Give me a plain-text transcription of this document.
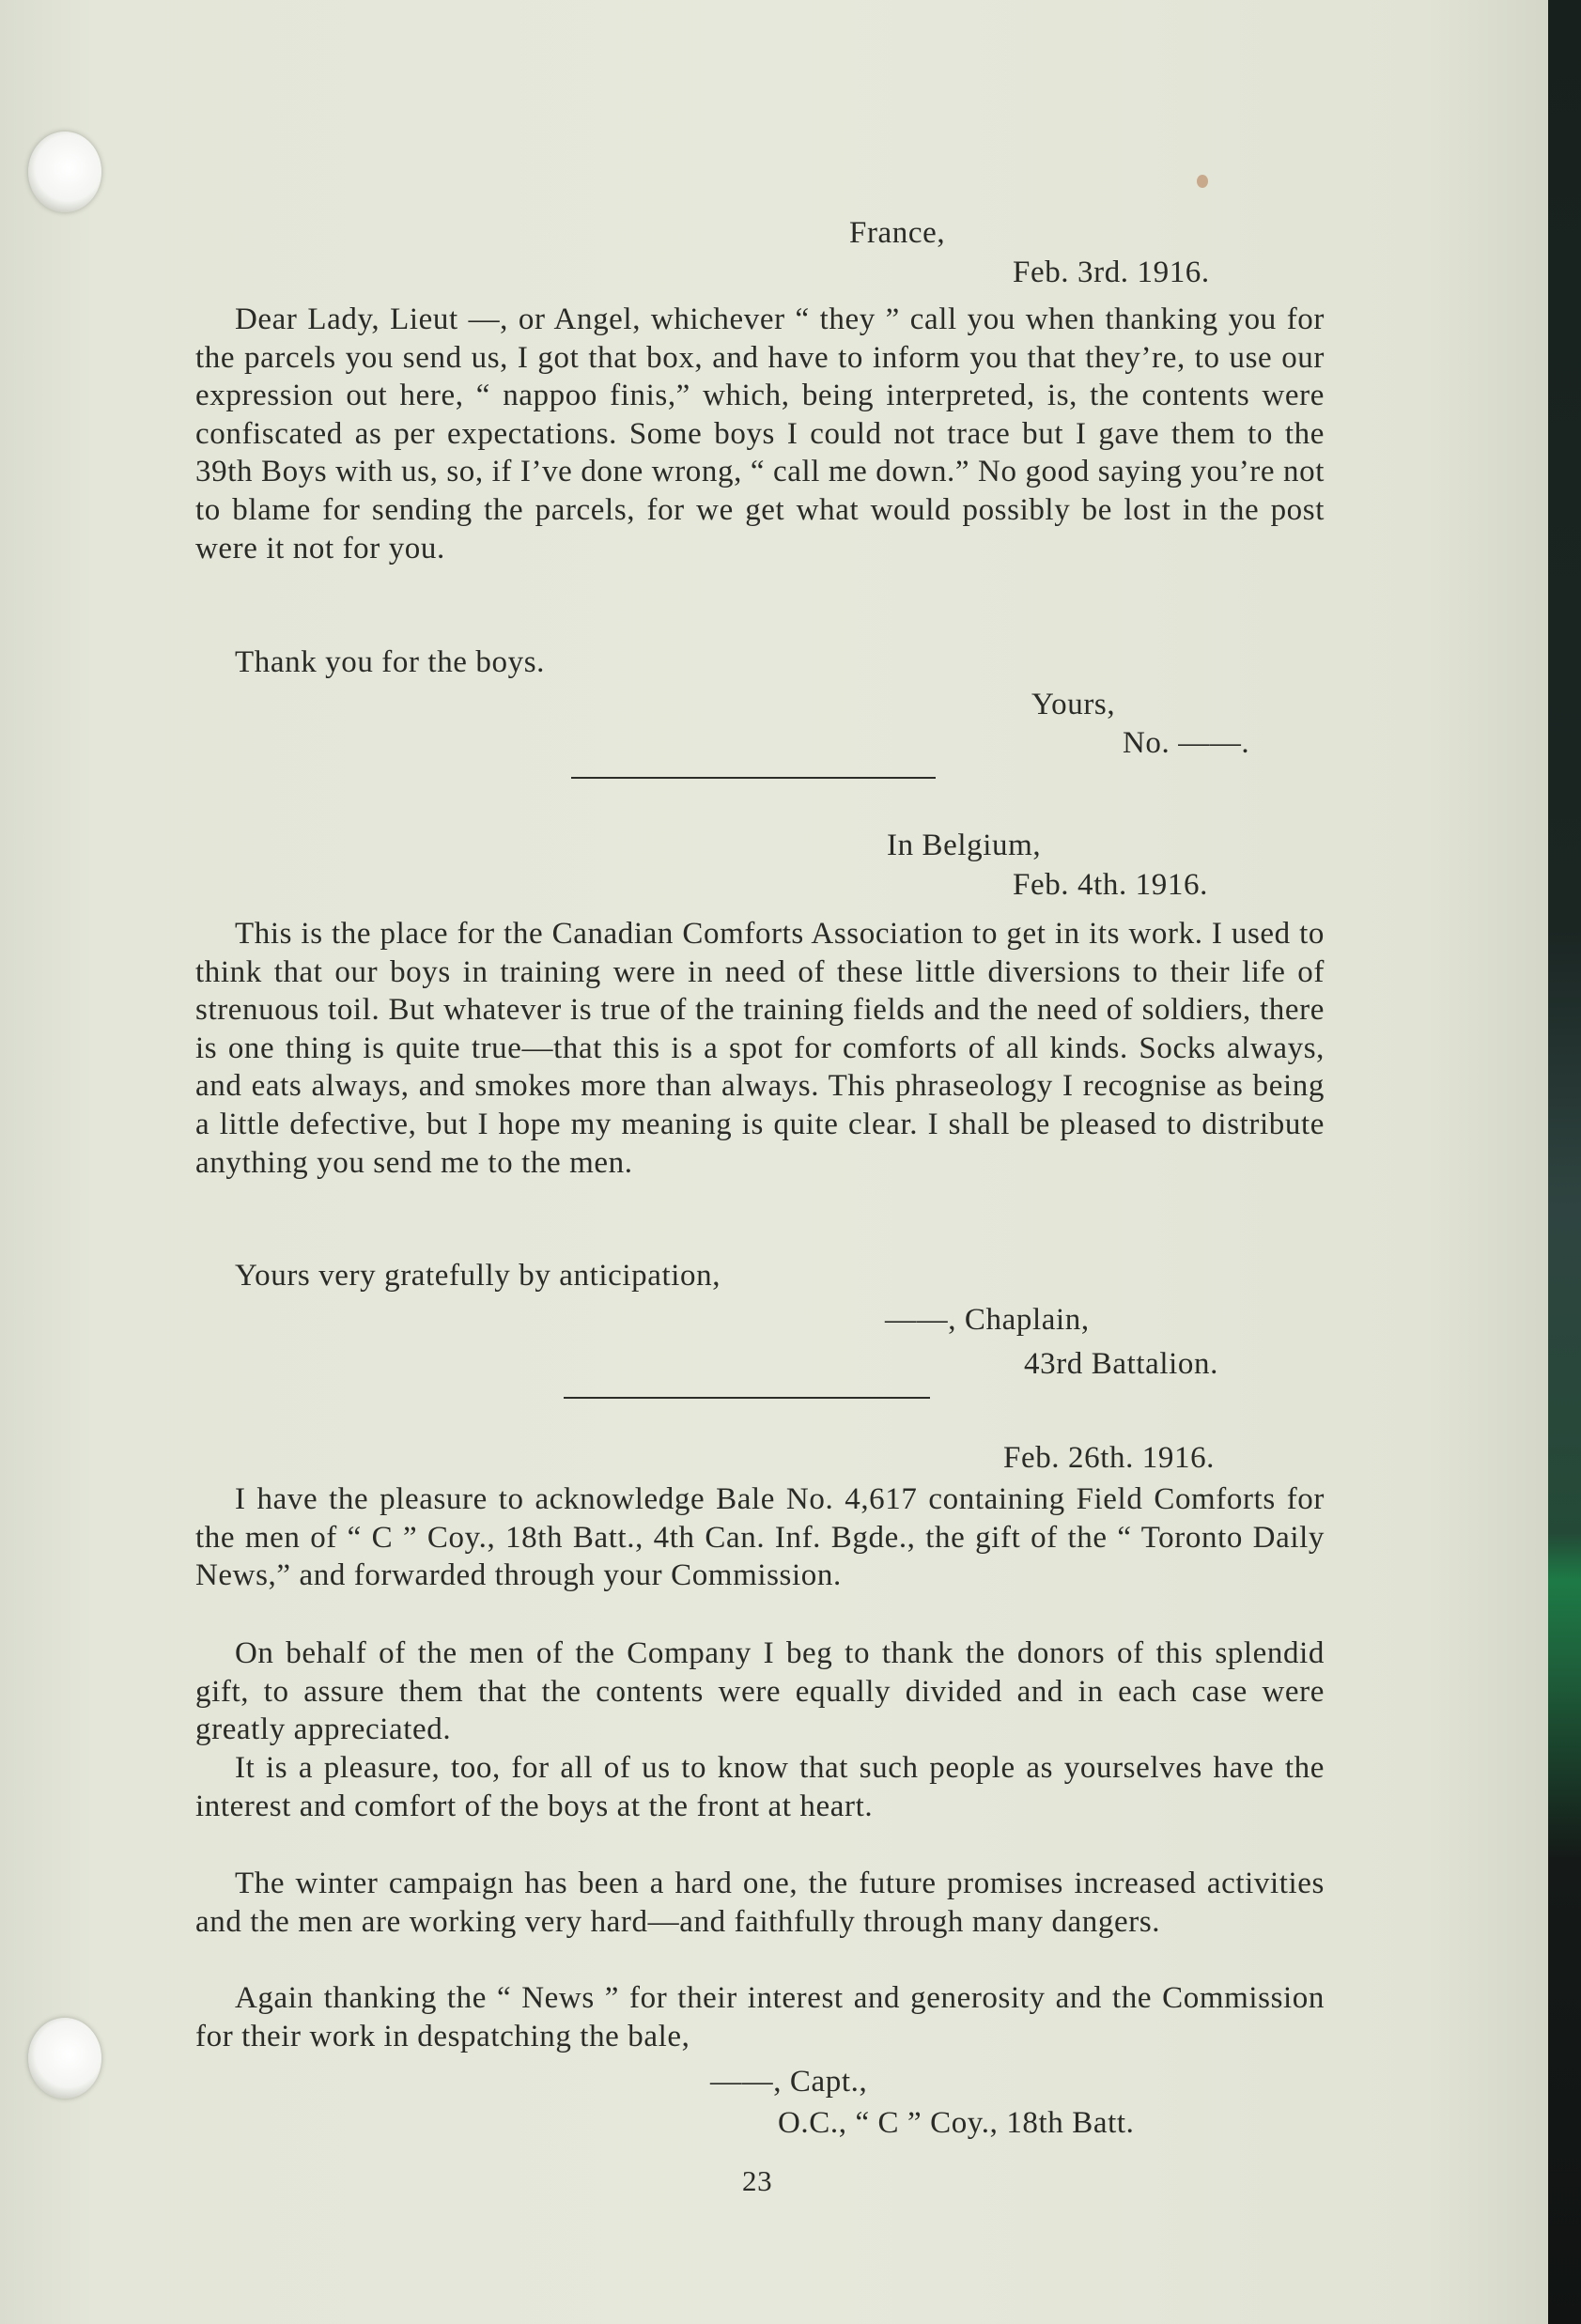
France,
Feb. 3rd. 1916.

Dear Lady, Lieut —, or Angel, whichever “ they ” call you when thanking you for the parcels you send us, I got that box, and have to inform you that they’re, to use our expression out here, “ nappoo finis,” which, being interpreted, is, the contents were confiscated as per expectations. Some boys I could not trace but I gave them to the 39th Boys with us, so, if I’ve done wrong, “ call me down.” No good saying you’re not to blame for sending the parcels, for we get what would possibly be lost in the post were it not for you.

Thank you for the boys.

Yours,
No. ——.
In Belgium,
Feb. 4th. 1916.

This is the place for the Canadian Comforts Association to get in its work. I used to think that our boys in training were in need of these little diversions to their life of strenuous toil. But whatever is true of the training fields and the need of soldiers, there is one thing is quite true—that this is a spot for comforts of all kinds. Socks always, and eats always, and smokes more than always. This phraseology I recognise as being a little defective, but I hope my meaning is quite clear. I shall be pleased to distribute anything you send me to the men.

Yours very gratefully by anticipation,

——, Chaplain,
43rd Battalion.
Feb. 26th. 1916.

I have the pleasure to acknowledge Bale No. 4,617 containing Field Comforts for the men of “ C ” Coy., 18th Batt., 4th Can. Inf. Bgde., the gift of the “ Toronto Daily News,” and forwarded through your Commission.

On behalf of the men of the Company I beg to thank the donors of this splendid gift, to assure them that the contents were equally divided and in each case were greatly appreciated.

It is a pleasure, too, for all of us to know that such people as yourselves have the interest and comfort of the boys at the front at heart.

The winter campaign has been a hard one, the future promises increased activities and the men are working very hard—and faithfully through many dangers.

Again thanking the “ News ” for their interest and generosity and the Commission for their work in despatching the bale,

——, Capt.,
O.C., “ C ” Coy., 18th Batt.
23
